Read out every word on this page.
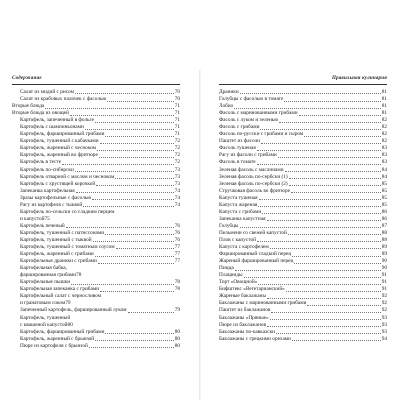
Содержание
Салат из мидий с рисом	70
Салат из крабовых палочек с фасолью	70
Вторые блюда	71
Вторые блюда из овощей	71
Картофель, запеченный в фольге	71
Картофель с шампиньонами	71
Картофель, фаршированный грибами	71
Картофель, тушенный с кабачками	72
Картофель, жаренный с чесноком	72
Картофель, жаренный во фритюре	72
Картофель в тесте	72
Картофель по-сибирски	73
Картофель отварной с маслом и чесноком	73
Картофель с хрустящей корочкой	73
Запеканка картофельная	74
Зразы картофельные с фасолью	74
Рагу из картофеля с тыквой	74
Картофель по-сельски со сладким перцем
и капустой 75
Картофель печеный	76
Картофель, тушенный с патиссонами	76
Картофель, тушенный с тыквой	76
Картофель, тушенный с томатным соусом	77
Картофель, жаренный с грибами	77
Картофельные драники с грибами	77
Картофельная бабка,
фаршированная грибами 78
Картофельные пышки	78
Картофельная запеканка с грибами	78
Картофельный салат с черносливом
и гранатовым соком 79
Запеченный картофель, фаршированный луком	79
Картофель, тушенный
с квашеной капустой 80
Картофель, фаршированный грибами	80
Картофель, жаренный с брынзой	80
Пюре из картофеля с брынзой	80
Правильная кулинария
Драники	81
Голубцы с фасолью в томате	81
Лобио	81
Фасоль с маринованными грибами	81
Фасоль с луком и зеленью	82
Фасоль с грибами	82
Фасоль по-русски с грибами и сыром	82
Паштет из фасоли	82
Фасоль тушеная	83
Рагу из фасоли с грибами	83
Фасоль в томате	83
Зеленая фасоль с маслинами	84
Зеленая фасоль по-сербски (1)	84
Зеленая фасоль по-сербски (2)	85
Стручковая фасоль во фритюре	85
Капуста тушеная	85
Капуста жареная	85
Капуста с грибами	86
Запеканка капустная	86
Голубцы	87
Пельмени со свежей капустой	88
Плов с капустой	88
Капуста с картофелем	89
Фаршированный сладкий перец	89
Жареный фаршированный перец	90
Пицца	90
Плацинды	91
Торт «Овощной»	91
Бифштекс «Вегетарианский»	91
Жареные баклажаны	92
Баклажаны с маринованными грибами	92
Паштет из баклажанов	92
Баклажаны «Пряные»	93
Пюре из баклажанов	93
Баклажаны по-кавказски	93
Баклажаны с грецкими орехами	94
